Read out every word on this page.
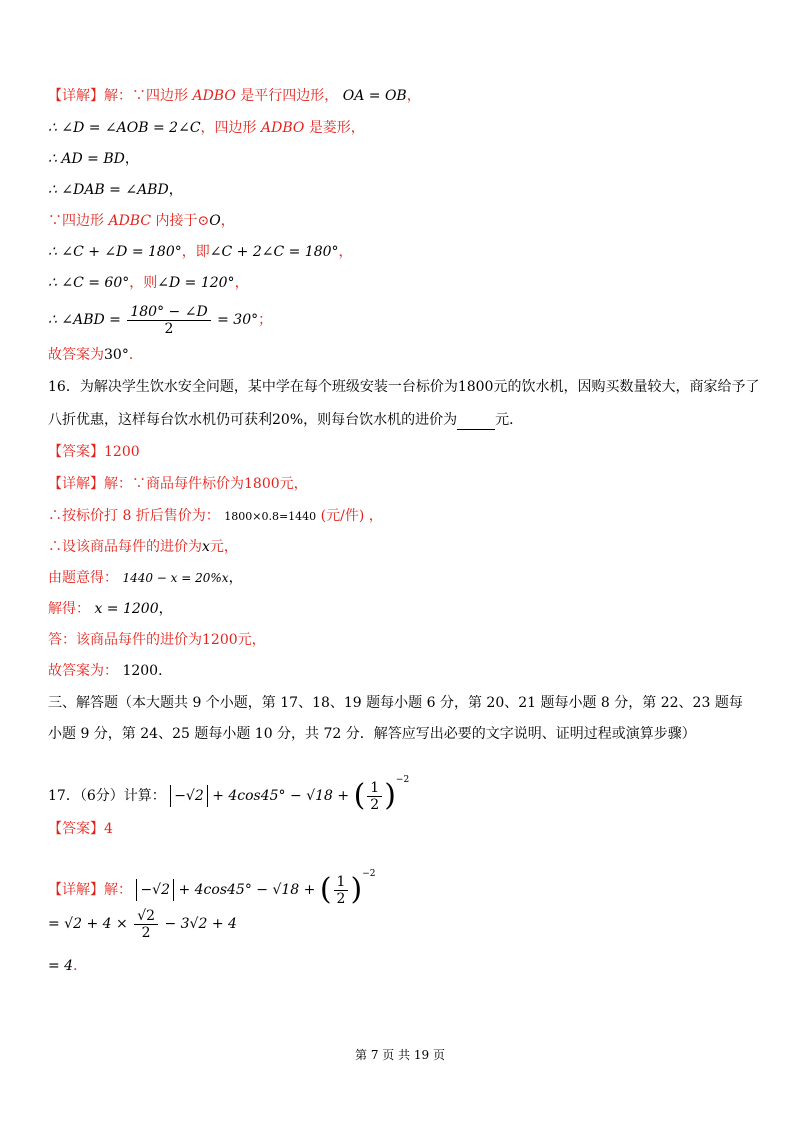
【详解】解：∵四边形 ADBO 是平行四边形， OA = OB，
∴ ∠D = ∠AOB = 2∠C，四边形 ADBO 是菱形，
∴ AD = BD，
∴ ∠DAB = ∠ABD，
∵四边形 ADBC 内接于⊙O，
∴ ∠C + ∠D = 180°，即∠C + 2∠C = 180°，
∴ ∠C = 60°，则∠D = 120°，
∴ ∠ABD = $\frac{180^\circ - \angle D}{2} = 30^\circ$；
故答案为30°．
16．为解决学生饮水安全问题，某中学在每个班级安装一台标价为1800元的饮水机，因购买数量较大，商家给予了
八折优惠，这样每台饮水机仍可获利20%，则每台饮水机的进价为	元．
【答案】1200
【详解】解：∵商品每件标价为1800元，
∴按标价打 8 折后售价为： 1800×0.8=1440 (元/件) ，
∴设该商品每件的进价为x元，
由题意得： 1440 − x = 20%x，
解得： x = 1200，
答：该商品每件的进价为1200元，
故答案为： 1200．
三、解答题（本大题共 9 个小题，第 17、18、19 题每小题 6 分，第 20、21 题每小题 8 分，第 22、23 题每
小题 9 分，第 24、25 题每小题 10 分，共 72 分．解答应写出必要的文字说明、证明过程或演算步骤）
17．（6分）计算： −√2 + 4cos45° − √18 + ( $\frac{1}{2} )^{-2}$
【答案】4
【详解】解： −√2 + 4cos45° − √18 + ( $\frac{1}{2} )^{-2}$
= $√2 + 4 \times \frac{√2}{2} - 3√2 + 4$
= 4．
第 7 页 共 19 页
